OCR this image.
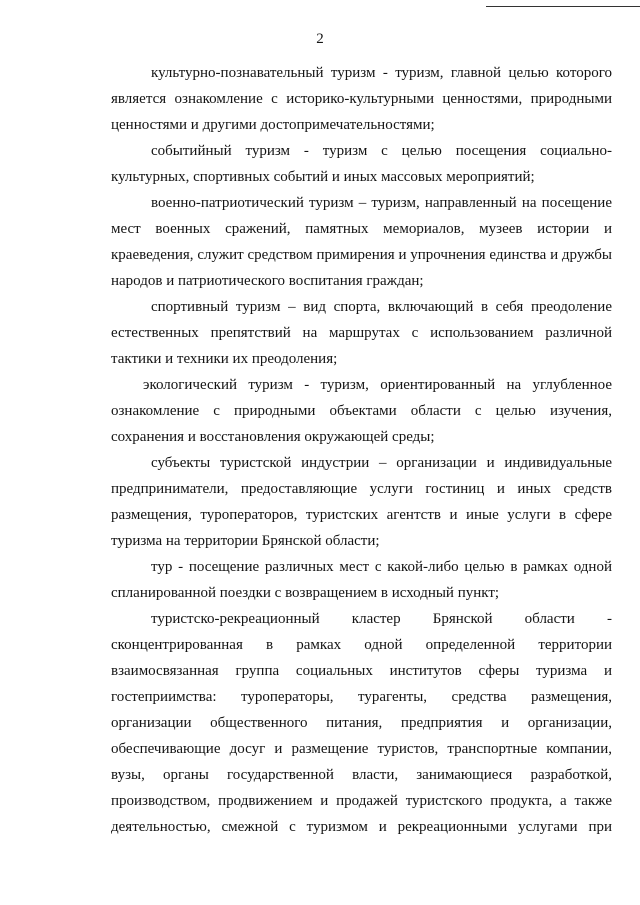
2

культурно-познавательный туризм - туризм, главной целью которого является ознакомление с историко-культурными ценностями, природными ценностями и другими достопримечательностями;

событийный туризм - туризм с целью посещения социально-культурных, спортивных событий и иных массовых мероприятий;

военно-патриотический туризм – туризм, направленный на посещение мест военных сражений, памятных мемориалов, музеев истории и краеведения, служит средством примирения и упрочнения единства и дружбы народов и патриотического воспитания граждан;

спортивный туризм – вид спорта, включающий в себя преодоление естественных препятствий на маршрутах с использованием различной тактики и техники их преодоления;

экологический туризм - туризм, ориентированный на углубленное ознакомление с природными объектами области с целью изучения, сохранения и восстановления окружающей среды;

субъекты туристской индустрии – организации и индивидуальные предприниматели, предоставляющие услуги гостиниц и иных средств размещения, туроператоров, туристских агентств и иные услуги в сфере туризма на территории Брянской области;

тур - посещение различных мест с какой-либо целью в рамках одной спланированной поездки с возвращением в исходный пункт;

туристско-рекреационный кластер Брянской области - сконцентрированная в рамках одной определенной территории взаимосвязанная группа социальных институтов сферы туризма и гостеприимства: туроператоры, турагенты, средства размещения, организации общественного питания, предприятия и организации, обеспечивающие досуг и размещение туристов, транспортные компании, вузы, органы государственной власти, занимающиеся разработкой, производством, продвижением и продажей туристского продукта, а также деятельностью, смежной с туризмом и рекреационными услугами при
